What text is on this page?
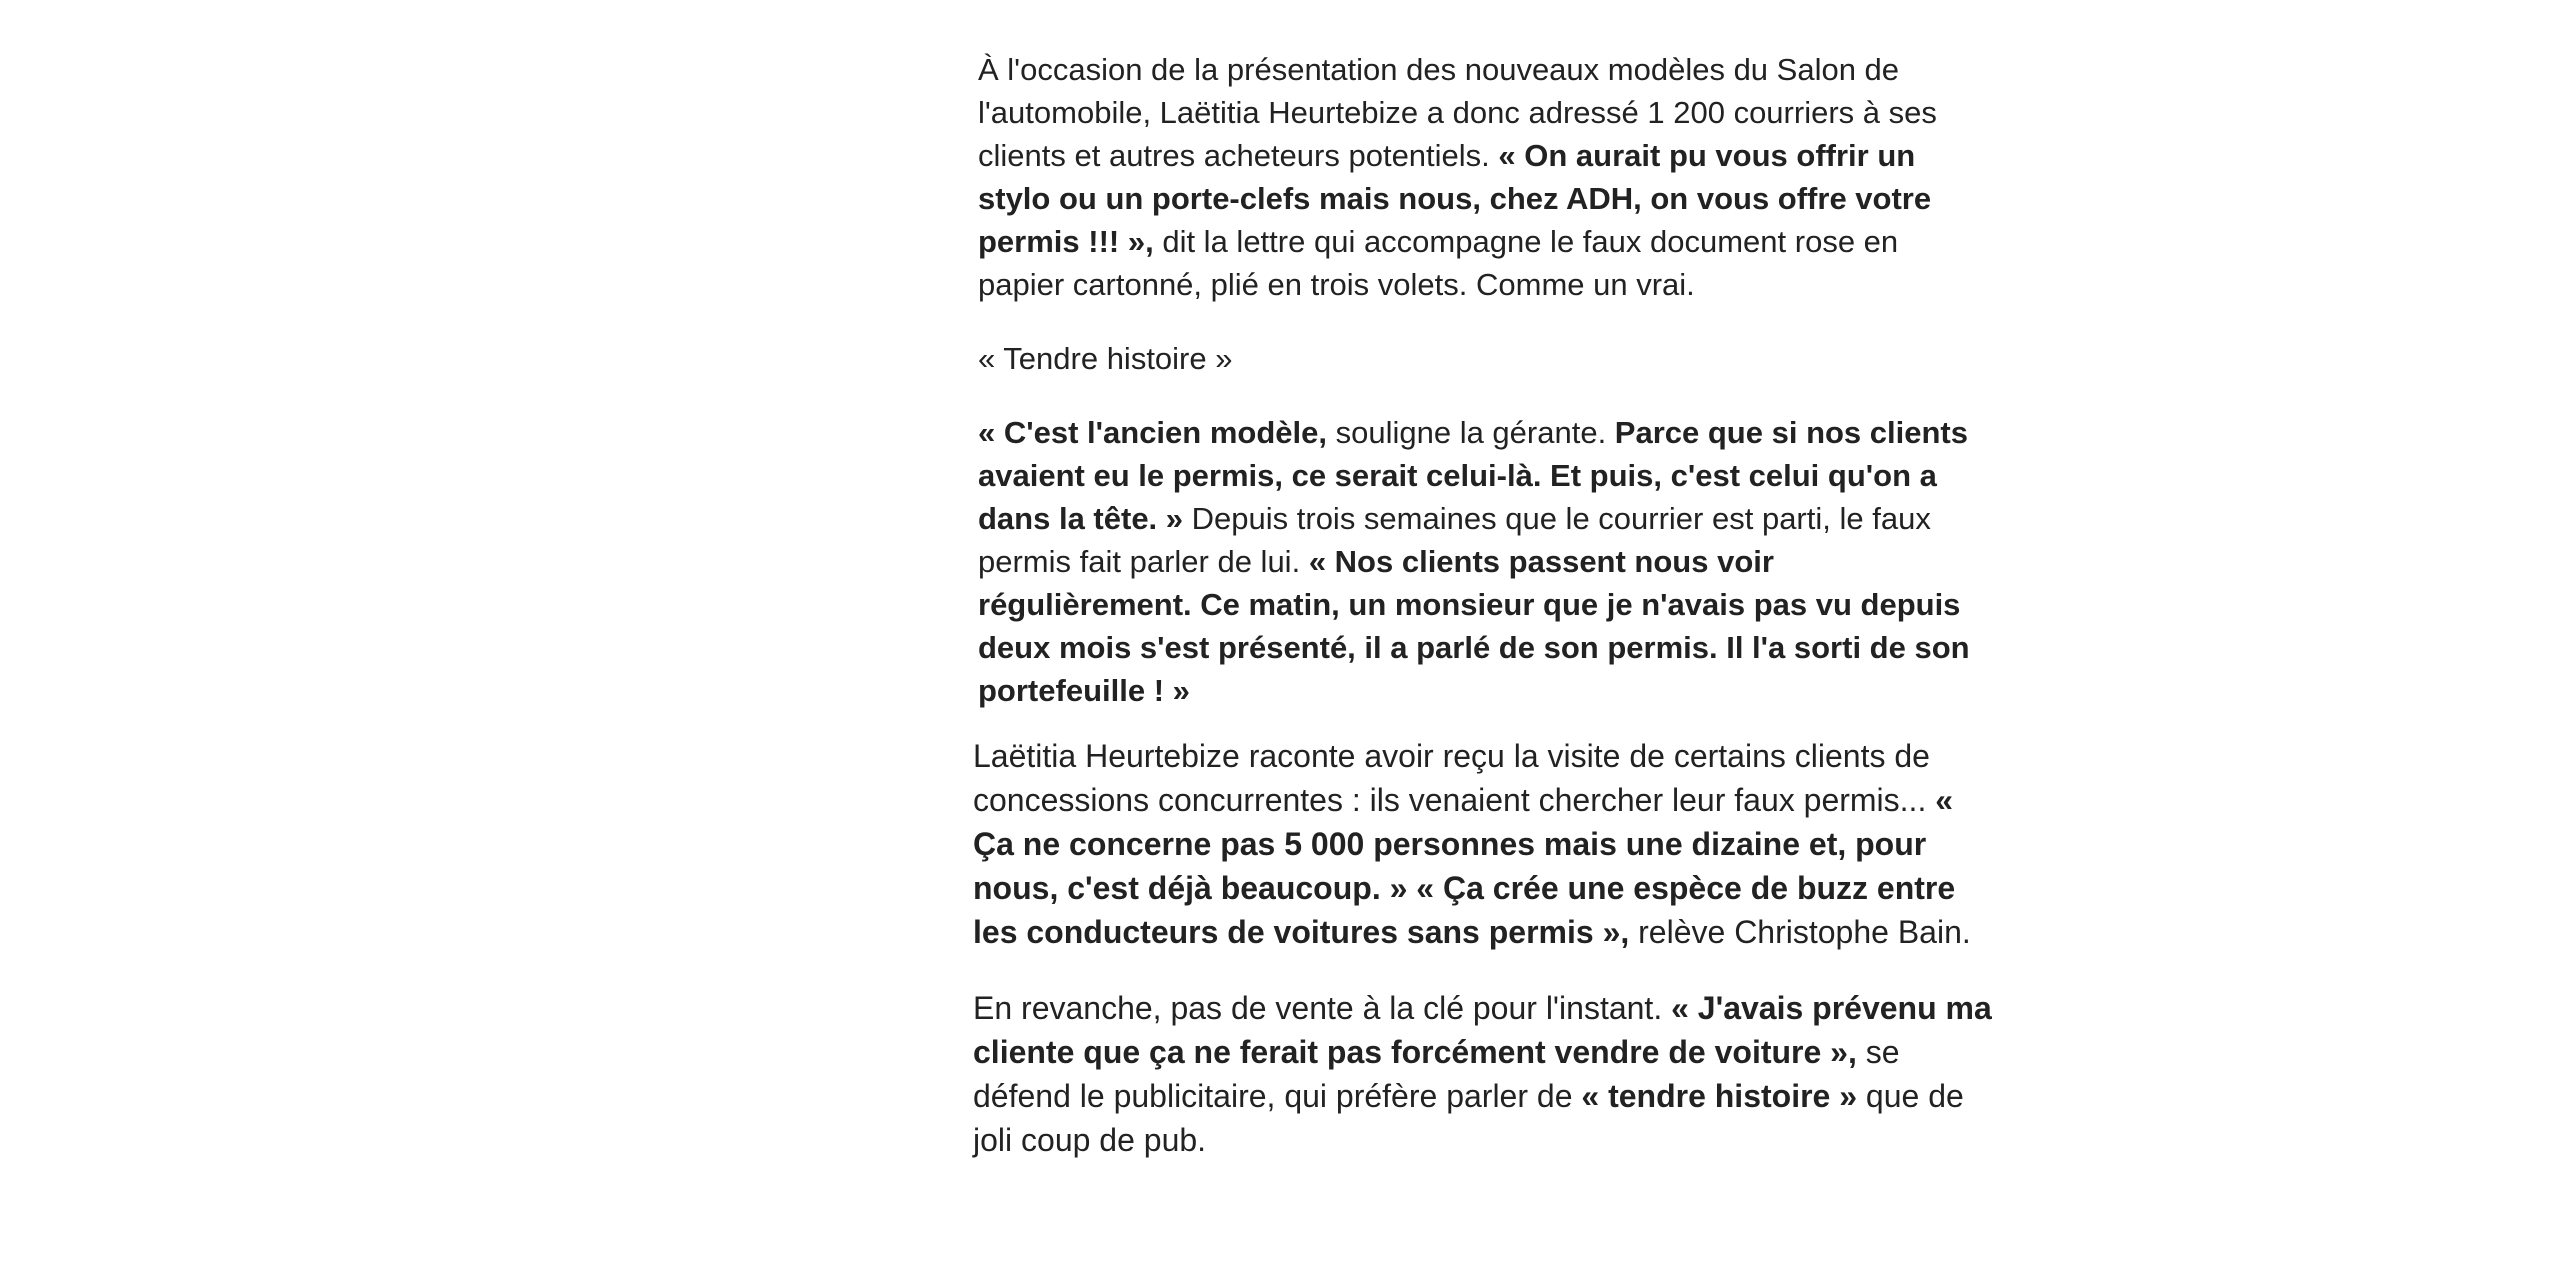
À l'occasion de la présentation des nouveaux modèles du Salon de l'automobile, Laëtitia Heurtebize a donc adressé 1 200 courriers à ses clients et autres acheteurs potentiels. « On aurait pu vous offrir un stylo ou un porte-clefs mais nous, chez ADH, on vous offre votre permis !!! », dit la lettre qui accompagne le faux document rose en papier cartonné, plié en trois volets. Comme un vrai.

« Tendre histoire »

« C'est l'ancien modèle, souligne la gérante. Parce que si nos clients avaient eu le permis, ce serait celui-là. Et puis, c'est celui qu'on a dans la tête. » Depuis trois semaines que le courrier est parti, le faux permis fait parler de lui. « Nos clients passent nous voir régulièrement. Ce matin, un monsieur que je n'avais pas vu depuis deux mois s'est présenté, il a parlé de son permis. Il l'a sorti de son portefeuille ! »

Laëtitia Heurtebize raconte avoir reçu la visite de certains clients de concessions concurrentes : ils venaient chercher leur faux permis... « Ça ne concerne pas 5 000 personnes mais une dizaine et, pour nous, c'est déjà beaucoup. » « Ça crée une espèce de buzz entre les conducteurs de voitures sans permis », relève Christophe Bain.

En revanche, pas de vente à la clé pour l'instant. « J'avais prévenu ma cliente que ça ne ferait pas forcément vendre de voiture », se défend le publicitaire, qui préfère parler de « tendre histoire » que de joli coup de pub.
